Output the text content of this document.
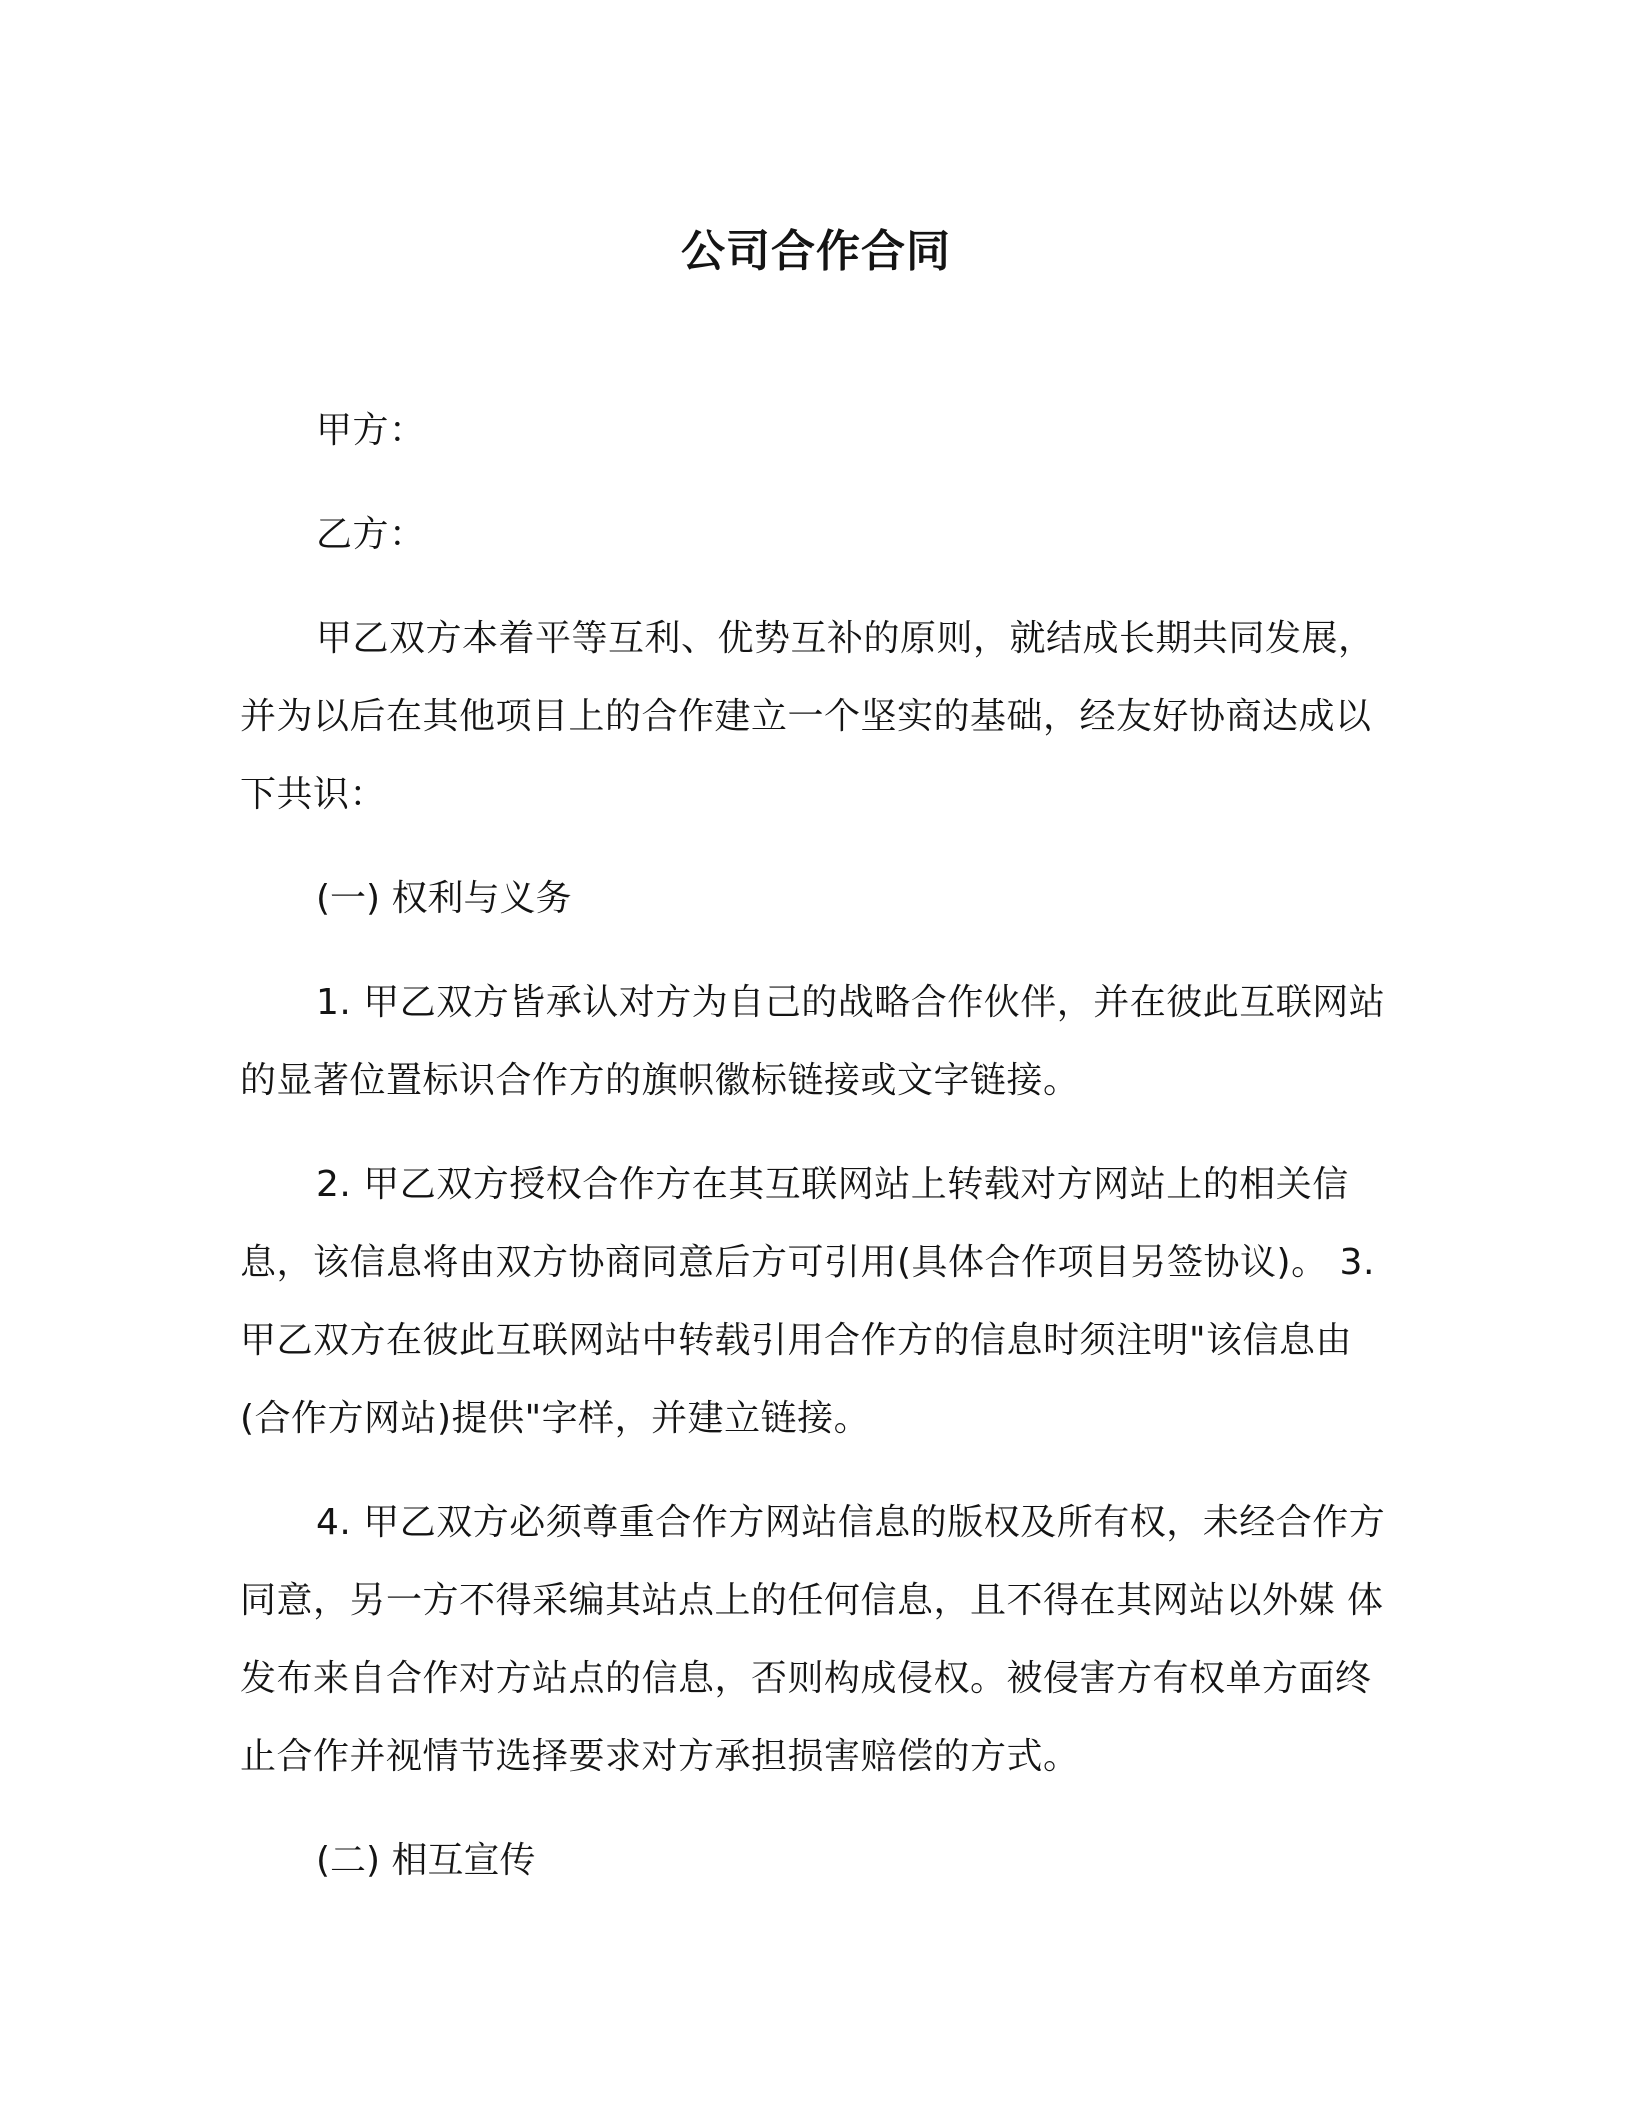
公司合作合同

甲方：

乙方：

甲乙双方本着平等互利、优势互补的原则，就结成长期共同发展，并为以后在其他项目上的合作建立一个坚实的基础，经友好协商达成以下共识：

(一) 权利与义务

1. 甲乙双方皆承认对方为自己的战略合作伙伴，并在彼此互联网站的显著位置标识合作方的旗帜徽标链接或文字链接。

2. 甲乙双方授权合作方在其互联网站上转载对方网站上的相关信息，该信息将由双方协商同意后方可引用(具体合作项目另签协议)。 3. 甲乙双方在彼此互联网站中转载引用合作方的信息时须注明"该信息由(合作方网站)提供"字样，并建立链接。

4. 甲乙双方必须尊重合作方网站信息的版权及所有权，未经合作方同意，另一方不得采编其站点上的任何信息，且不得在其网站以外媒 体发布来自合作对方站点的信息，否则构成侵权。被侵害方有权单方面终止合作并视情节选择要求对方承担损害赔偿的方式。

(二) 相互宣传
